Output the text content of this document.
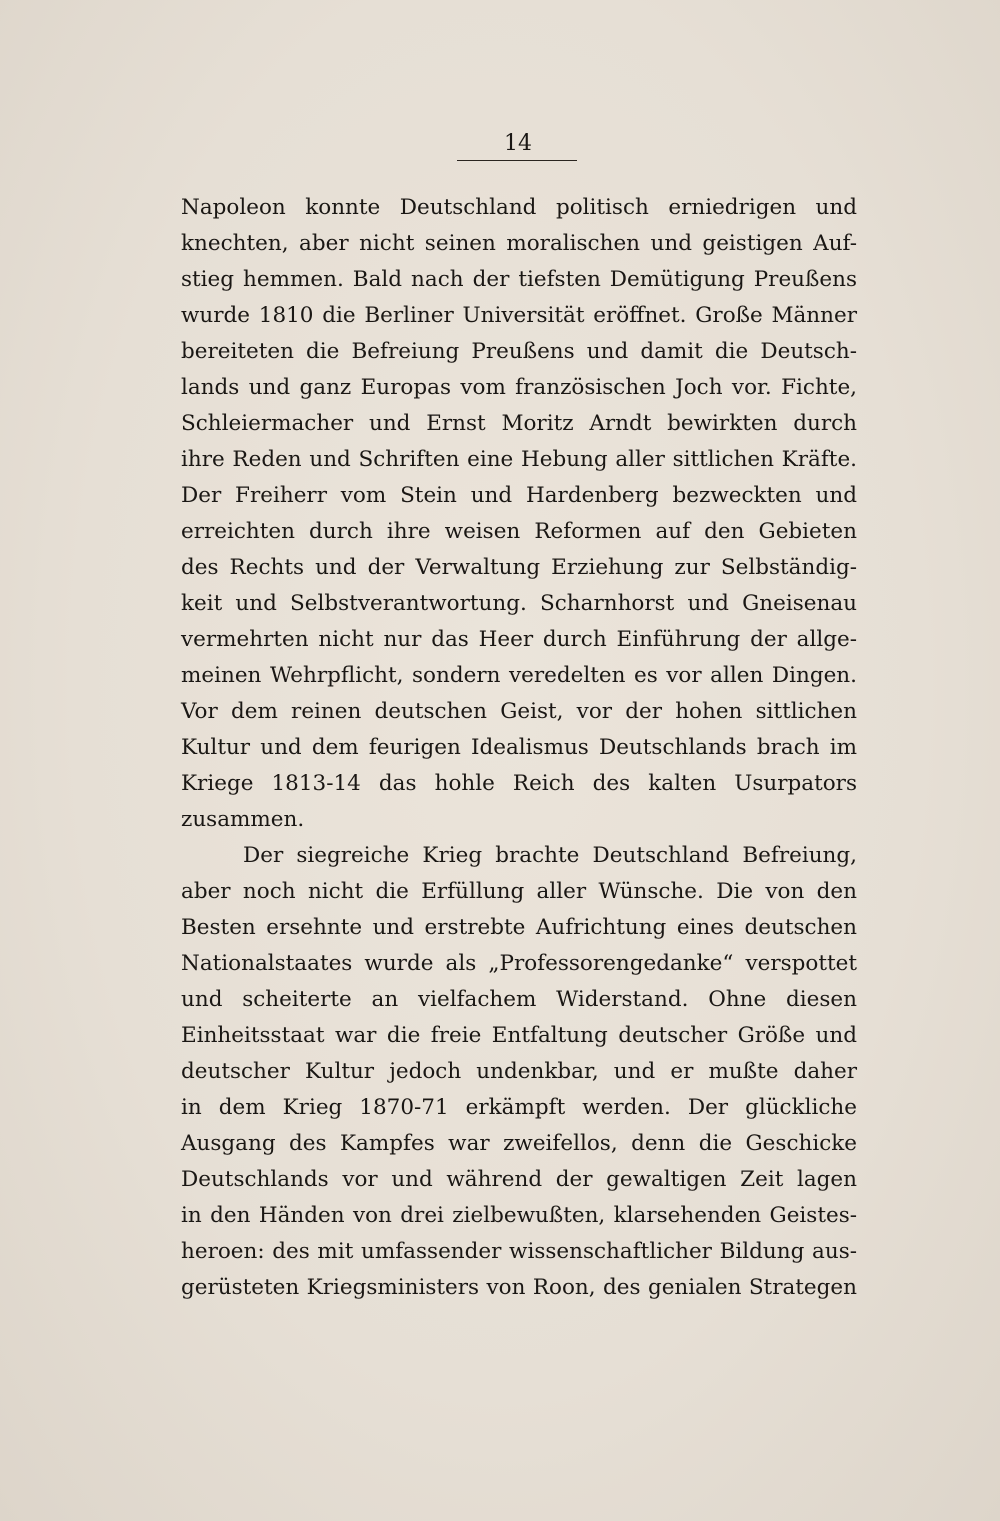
14
Napoleon konnte Deutschland politisch erniedrigen und
knechten, aber nicht seinen moralischen und geistigen Auf-
stieg hemmen. Bald nach der tiefsten Demütigung Preußens
wurde 1810 die Berliner Universität eröffnet. Große Männer
bereiteten die Befreiung Preußens und damit die Deutsch-
lands und ganz Europas vom französischen Joch vor. Fichte,
Schleiermacher und Ernst Moritz Arndt bewirkten durch
ihre Reden und Schriften eine Hebung aller sittlichen Kräfte.
Der Freiherr vom Stein und Hardenberg bezweckten und
erreichten durch ihre weisen Reformen auf den Gebieten
des Rechts und der Verwaltung Erziehung zur Selbständig-
keit und Selbstverantwortung. Scharnhorst und Gneisenau
vermehrten nicht nur das Heer durch Einführung der allge-
meinen Wehrpflicht, sondern veredelten es vor allen Dingen.
Vor dem reinen deutschen Geist, vor der hohen sittlichen
Kultur und dem feurigen Idealismus Deutschlands brach im
Kriege 1813-14 das hohle Reich des kalten Usurpators
zusammen.
Der siegreiche Krieg brachte Deutschland Befreiung,
aber noch nicht die Erfüllung aller Wünsche. Die von den
Besten ersehnte und erstrebte Aufrichtung eines deutschen
Nationalstaates wurde als „Professorengedanke“ verspottet
und scheiterte an vielfachem Widerstand. Ohne diesen
Einheitsstaat war die freie Entfaltung deutscher Größe und
deutscher Kultur jedoch undenkbar, und er mußte daher
in dem Krieg 1870-71 erkämpft werden. Der glückliche
Ausgang des Kampfes war zweifellos, denn die Geschicke
Deutschlands vor und während der gewaltigen Zeit lagen
in den Händen von drei zielbewußten, klarsehenden Geistes-
heroen: des mit umfassender wissenschaftlicher Bildung aus-
gerüsteten Kriegsministers von Roon, des genialen Strategen
